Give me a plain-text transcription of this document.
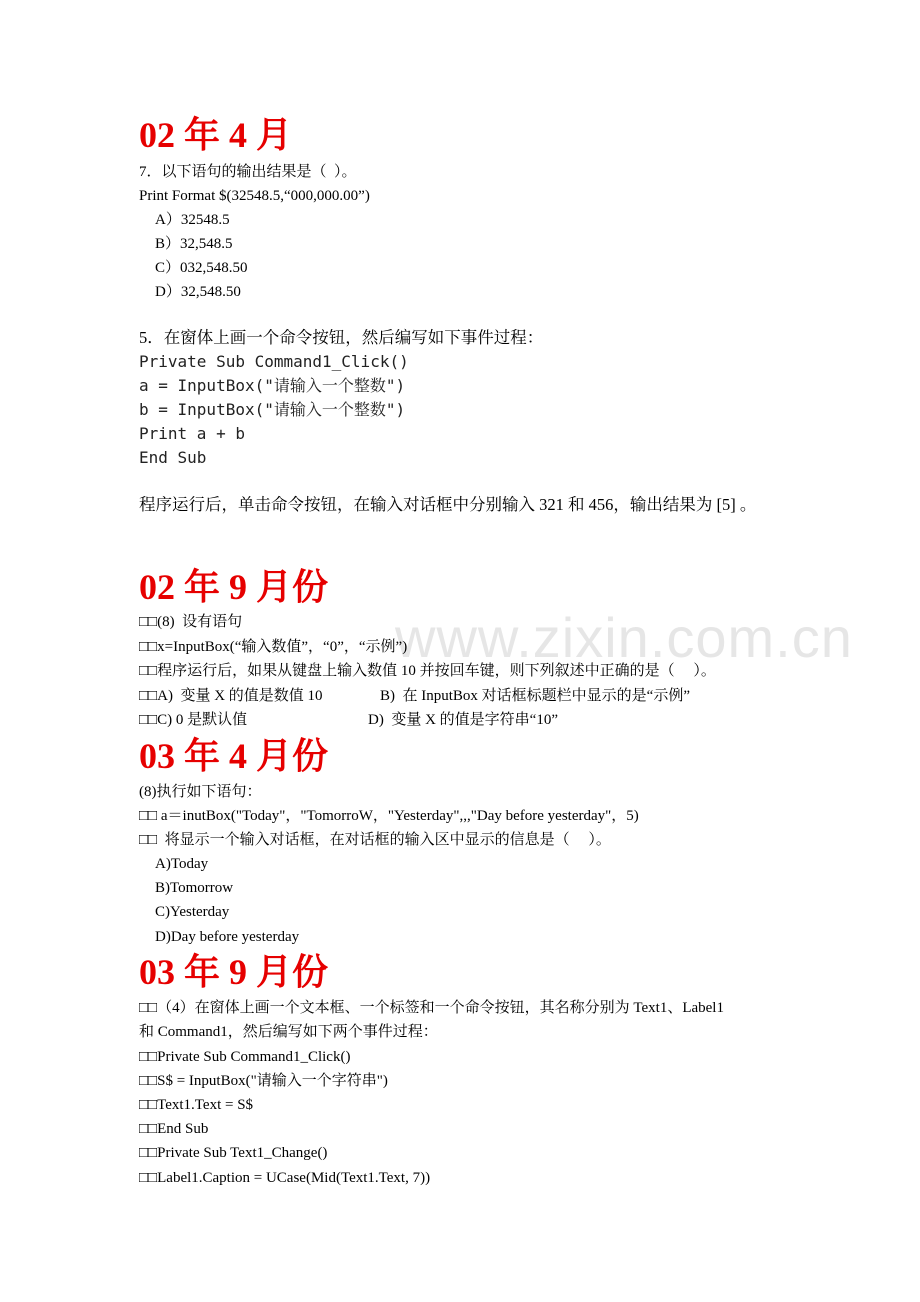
www.zixin.com.cn
02 年 4 月
7．以下语句的输出结果是（  ）。
Print Format $(32548.5,“000,000.00”)
A）32548.5
B）32,548.5
C）032,548.50
D）32,548.50
5．在窗体上画一个命令按钮，然后编写如下事件过程：
Private Sub Command1_Click()
a = InputBox("请输入一个整数")
b = InputBox("请输入一个整数")
Print a + b
End Sub
程序运行后，单击命令按钮，在输入对话框中分别输入 321 和 456，输出结果为 [5] 。
02 年 9 月份
□□(8)  设有语句
□□x=InputBox(“输入数值”，“0”，“示例”)
□□程序运行后，如果从键盘上输入数值 10 并按回车键，则下列叙述中正确的是（     ）。
□□A)  变量 X 的值是数值 10	B)  在 InputBox 对话框标题栏中显示的是“示例”
□□C) 0 是默认值	D)  变量 X 的值是字符串“10”
03 年 4 月份
(8)执行如下语句：
□□ a＝inutBox("Today"，"TomorroW，"Yesterday",,,"Day before yesterday"，5)
□□  将显示一个输入对话框，在对话框的输入区中显示的信息是（     ）。
A)Today
B)Tomorrow
C)Yesterday
D)Day before yesterday
03 年 9 月份
□□（4）在窗体上画一个文本框、一个标签和一个命令按钮，其名称分别为 Text1、Label1
和 Command1，然后编写如下两个事件过程：
□□Private Sub Command1_Click()
□□S$ = InputBox("请输入一个字符串")
□□Text1.Text = S$
□□End Sub
□□Private Sub Text1_Change()
□□Label1.Caption = UCase(Mid(Text1.Text, 7))
